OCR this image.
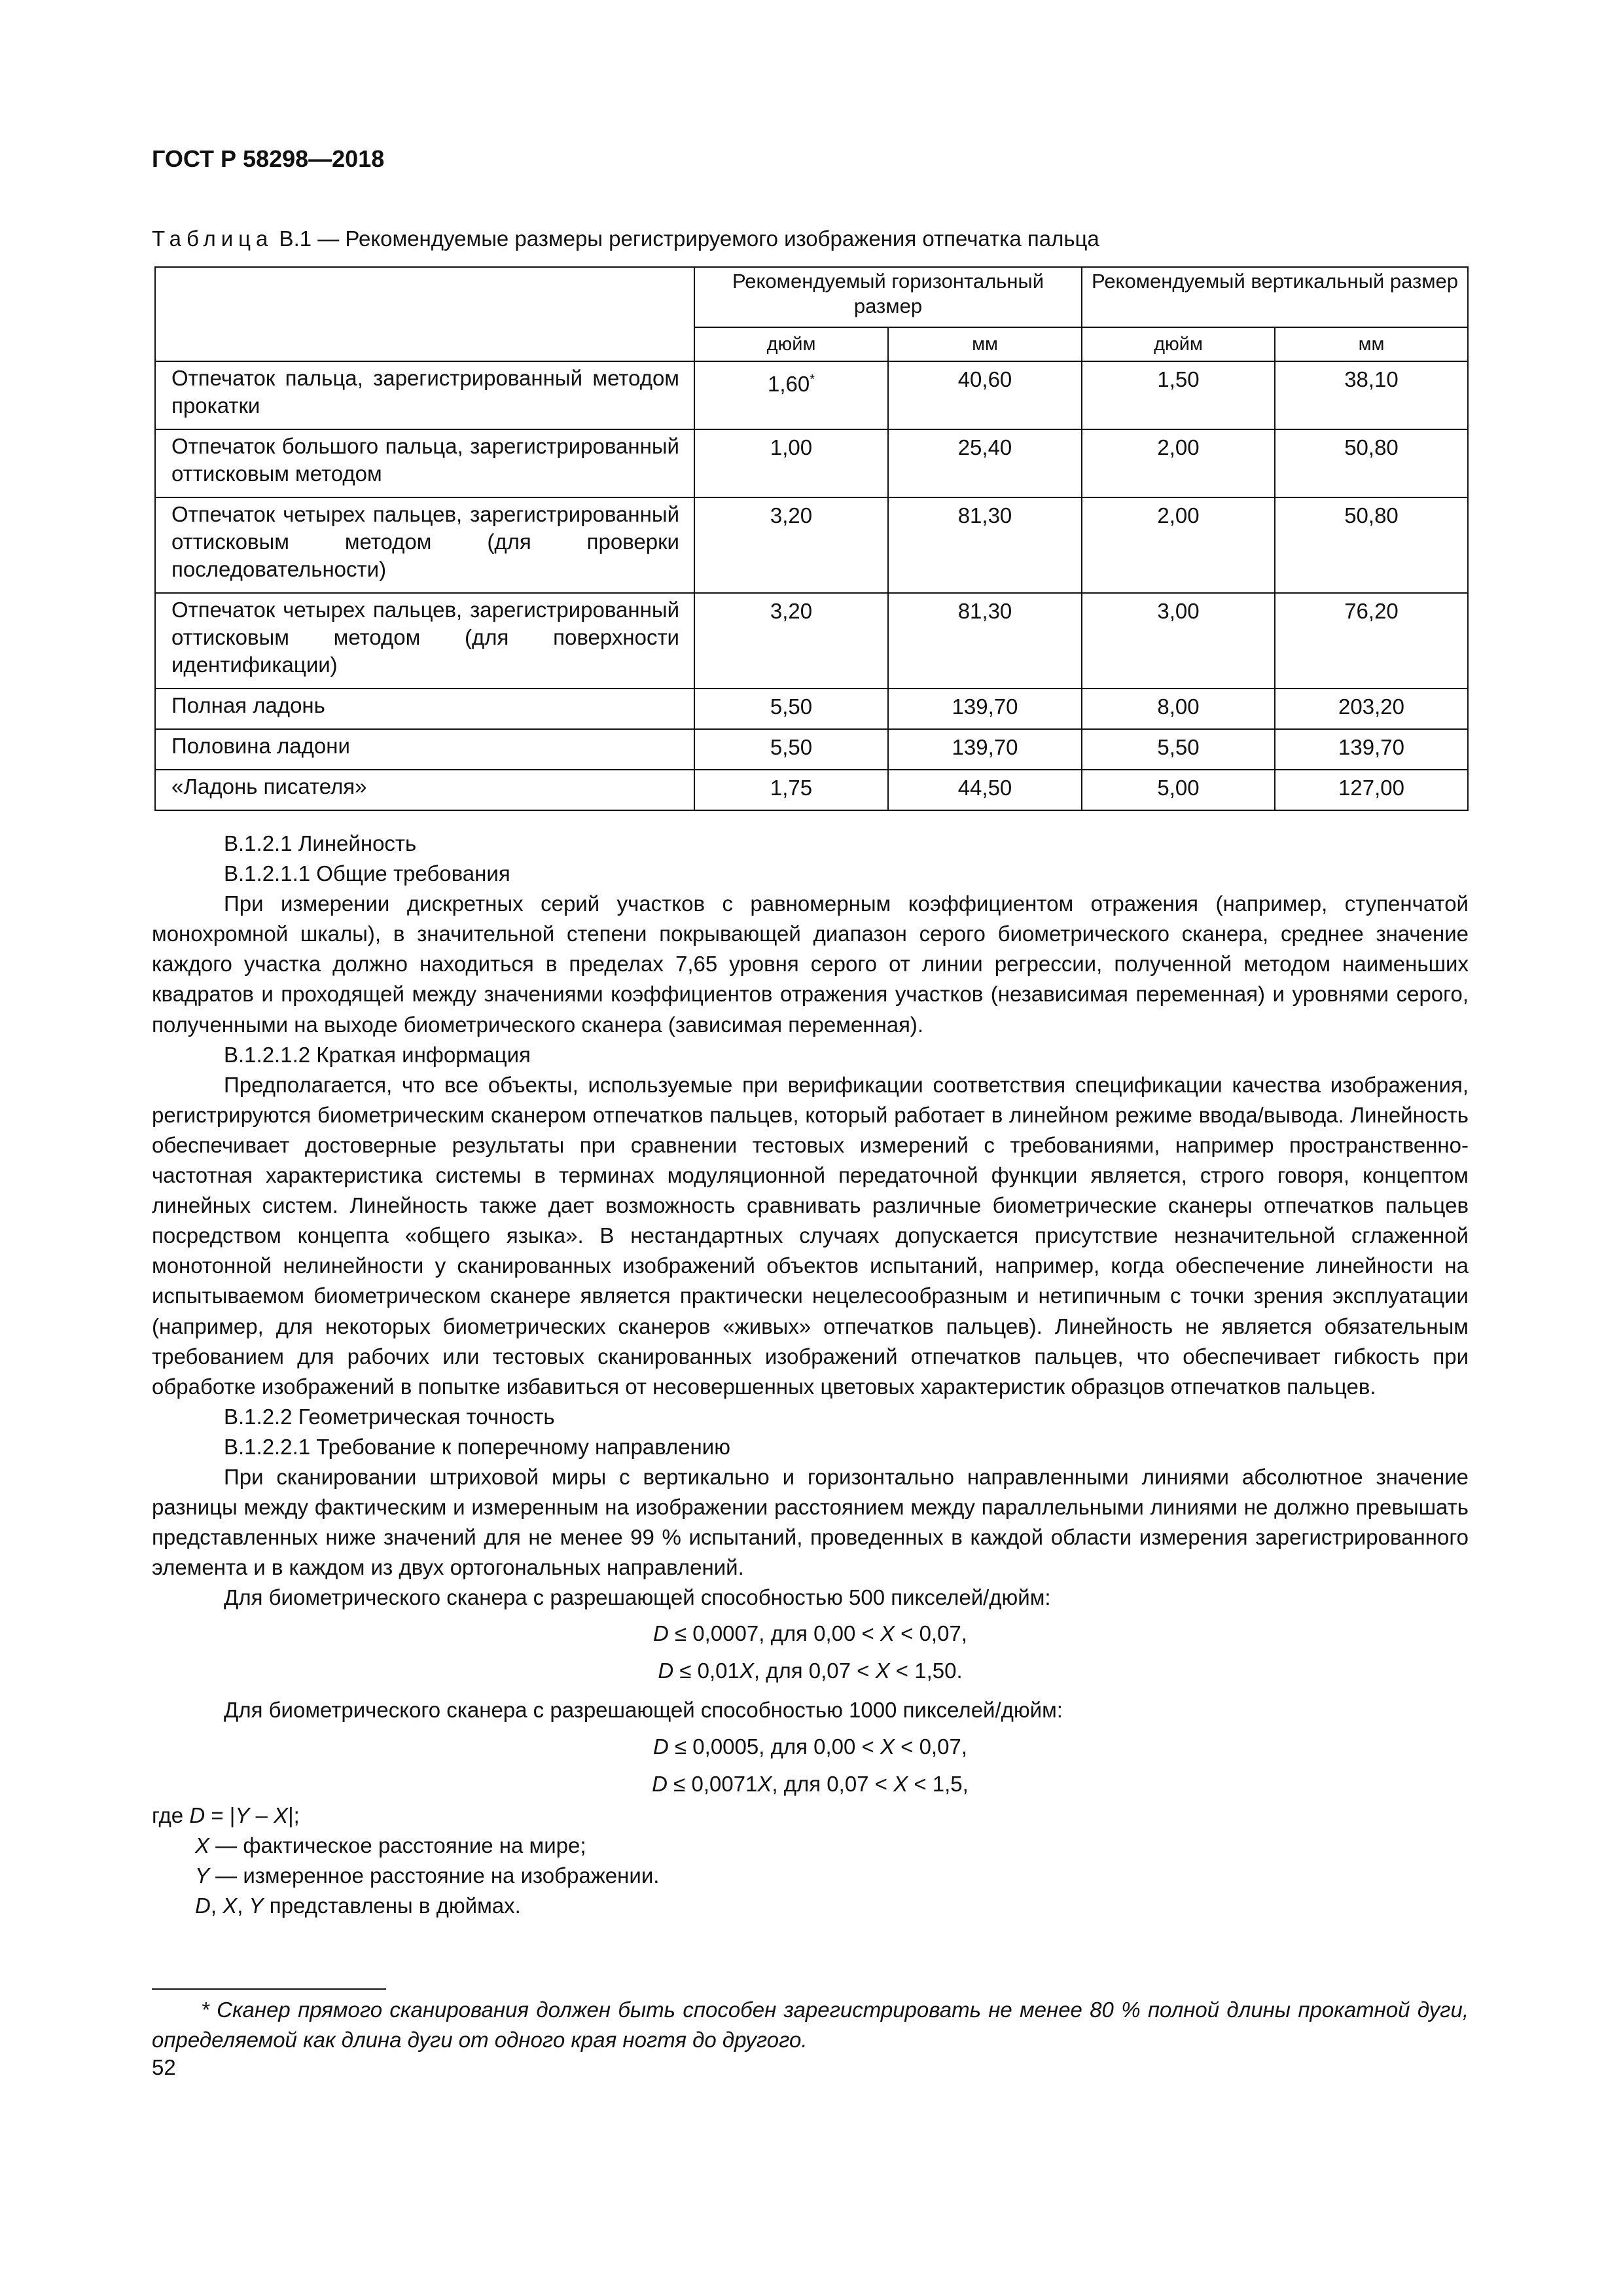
ГОСТ Р 58298—2018
Таблица В.1 — Рекомендуемые размеры регистрируемого изображения отпечатка пальца
	Рекомендуемый горизонтальный размер		Рекомендуемый вертикальный размер	
	дюйм	мм	дюйм	мм
Отпечаток пальца, зарегистрированный методом прокатки	1,60*	40,60	1,50	38,10
Отпечаток большого пальца, зарегистрированный оттисковым методом	1,00	25,40	2,00	50,80
Отпечаток четырех пальцев, зарегистрированный оттисковым методом (для проверки последовательности)	3,20	81,30	2,00	50,80
Отпечаток четырех пальцев, зарегистрированный оттисковым методом (для поверхности идентификации)	3,20	81,30	3,00	76,20
Полная ладонь	5,50	139,70	8,00	203,20
Половина ладони	5,50	139,70	5,50	139,70
«Ладонь писателя»	1,75	44,50	5,00	127,00

В.1.2.1 Линейность

В.1.2.1.1 Общие требования

При измерении дискретных серий участков с равномерным коэффициентом отражения (например, ступенчатой монохромной шкалы), в значительной степени покрывающей диапазон серого биометрического сканера, среднее значение каждого участка должно находиться в пределах 7,65 уровня серого от линии регрессии, полученной методом наименьших квадратов и проходящей между значениями коэффициентов отражения участков (независимая переменная) и уровнями серого, полученными на выходе биометрического сканера (зависимая переменная).

В.1.2.1.2 Краткая информация

Предполагается, что все объекты, используемые при верификации соответствия спецификации качества изображения, регистрируются биометрическим сканером отпечатков пальцев, который работает в линейном режиме ввода/вывода. Линейность обеспечивает достоверные результаты при сравнении тестовых измерений с требованиями, например пространственно-частотная характеристика системы в терминах модуляционной передаточной функции является, строго говоря, концептом линейных систем. Линейность также дает возможность сравнивать различные биометрические сканеры отпечатков пальцев посредством концепта «общего языка». В нестандартных случаях допускается присутствие незначительной сглаженной монотонной нелинейности у сканированных изображений объектов испытаний, например, когда обеспечение линейности на испытываемом биометрическом сканере является практически нецелесообразным и нетипичным с точки зрения эксплуатации (например, для некоторых биометрических сканеров «живых» отпечатков пальцев). Линейность не является обязательным требованием для рабочих или тестовых сканированных изображений отпечатков пальцев, что обеспечивает гибкость при обработке изображений в попытке избавиться от несовершенных цветовых характеристик образцов отпечатков пальцев.

В.1.2.2 Геометрическая точность

В.1.2.2.1 Требование к поперечному направлению

При сканировании штриховой миры с вертикально и горизонтально направленными линиями абсолютное значение разницы между фактическим и измеренным на изображении расстоянием между параллельными линиями не должно превышать представленных ниже значений для не менее 99 % испытаний, проведенных в каждой области измерения зарегистрированного элемента и в каждом из двух ортогональных направлений.

Для биометрического сканера с разрешающей способностью 500 пикселей/дюйм:

D ≤ 0,0007, для 0,00 < X < 0,07,

D ≤ 0,01X, для 0,07 < X < 1,50.

Для биометрического сканера с разрешающей способностью 1000 пикселей/дюйм:

D ≤ 0,0005, для 0,00 < X < 0,07,

D ≤ 0,0071X, для 0,07 < X < 1,5,

где D = |Y – X|;

X — фактическое расстояние на мире;

Y — измеренное расстояние на изображении.

D, X, Y представлены в дюймах.

* Сканер прямого сканирования должен быть способен зарегистрировать не менее 80 % полной длины прокатной дуги, определяемой как длина дуги от одного края ногтя до другого.

52
